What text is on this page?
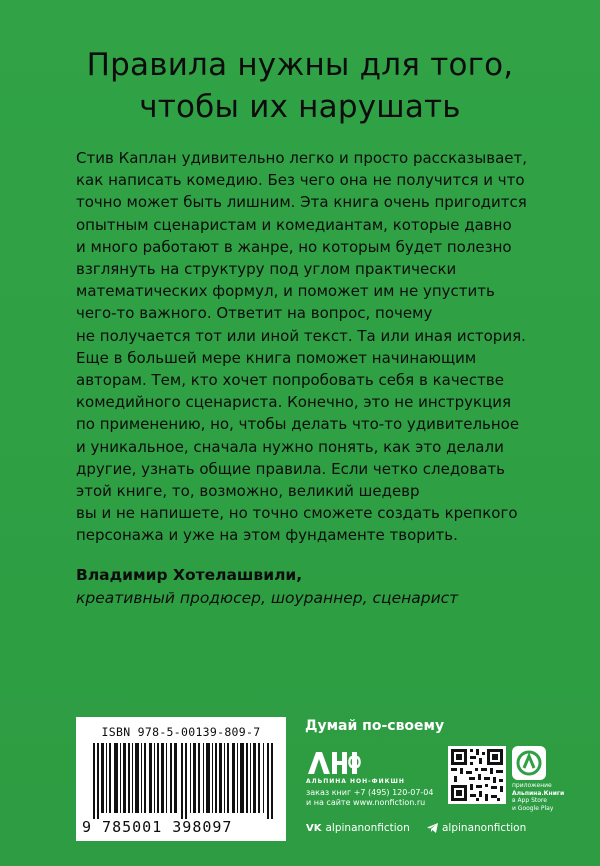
Правила нужны для того,
чтобы их нарушать
Стив Каплан удивительно легко и просто рассказывает,
как написать комедию. Без чего она не получится и что
точно может быть лишним. Эта книга очень пригодится
опытным сценаристам и комедиантам, которые давно
и много работают в жанре, но которым будет полезно
взглянуть на структуру под углом практически
математических формул, и поможет им не упустить
чего-то важного. Ответит на вопрос, почему
не получается тот или иной текст. Та или иная история.
Еще в большей мере книга поможет начинающим
авторам. Тем, кто хочет попробовать себя в качестве
комедийного сценариста. Конечно, это не инструкция
по применению, но, чтобы делать что-то удивительное
и уникальное, сначала нужно понять, как это делали
другие, узнать общие правила. Если четко следовать
этой книге, то, возможно, великий шедевр
вы и не напишете, но точно сможете создать крепкого
персонажа и уже на этом фундаменте творить.
Владимир Хотелашвили,
креативный продюсер, шоураннер, сценарист
ISBN 978-5-00139-809-7
9 785001 398097
Думай по-своему
АЛЬПИНА НОН-ФИКШН
заказ книг +7 (495) 120-07-04
и на сайте www.nonfiction.ru
приложение
Альпина.Книги
в App Store
и Google Play
VK alpinanonfiction	alpinanonfiction
